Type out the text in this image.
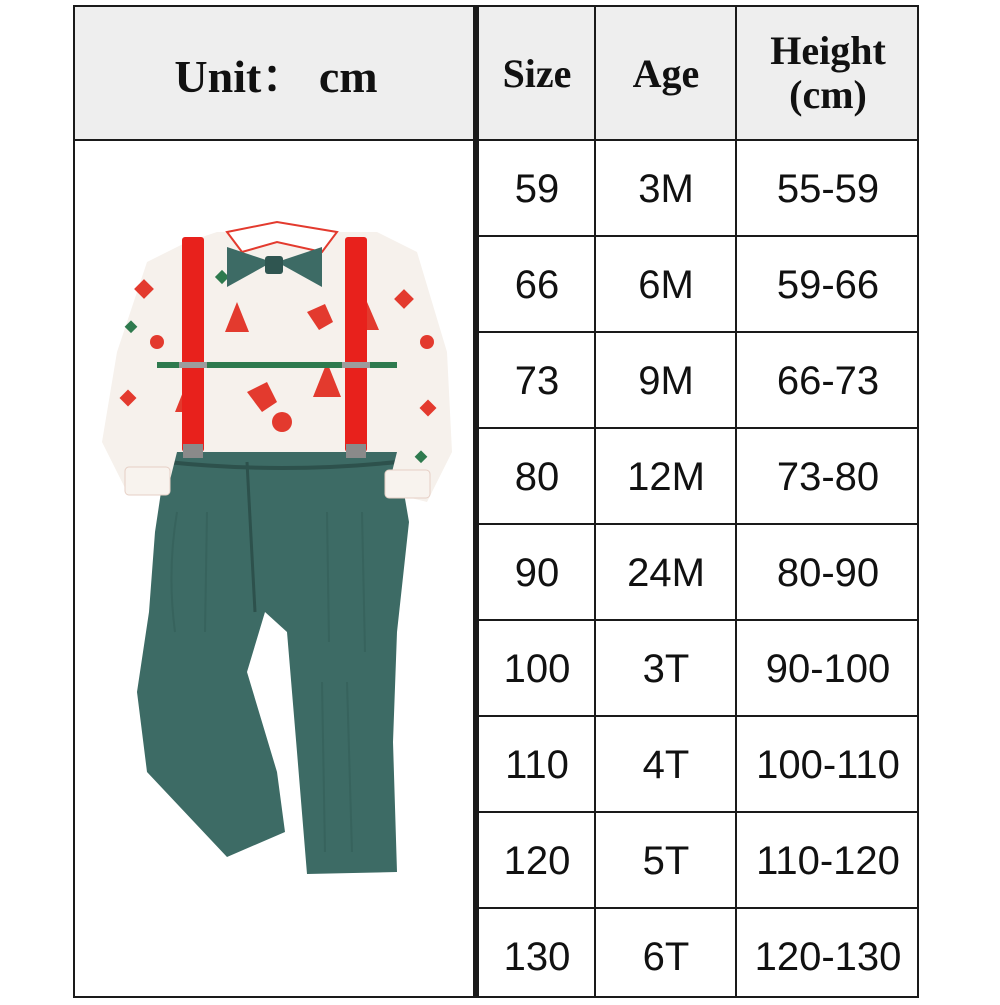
Unit： cm	Size	Age	Height
(cm)
59	3M	55-59
66	6M	59-66
73	9M	66-73
80	12M	73-80
90	24M	80-90
100	3T	90-100
110	4T	100-110
120	5T	110-120
130	6T	120-130
